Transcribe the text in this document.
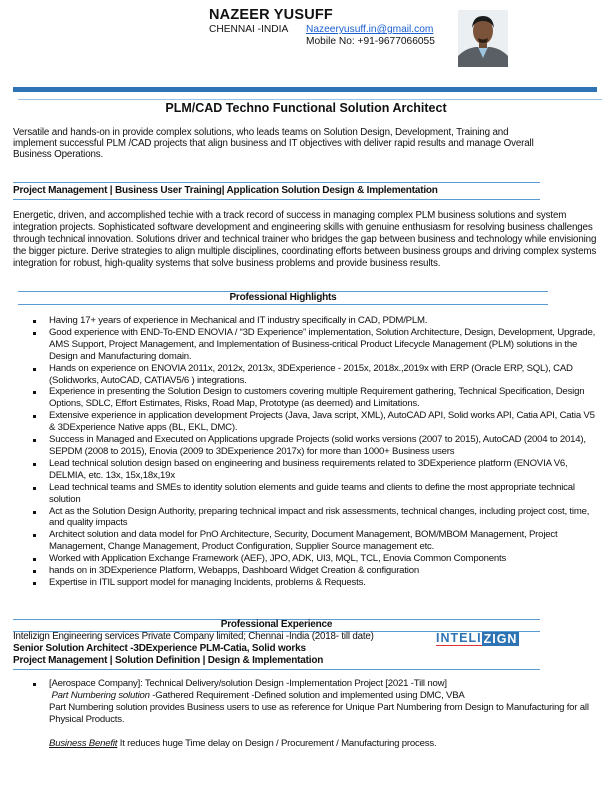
NAZEER YUSUFF
CHENNAI -INDIA Nazeeryusuff.in@gmail.com
Mobile No: +91-9677066055
PLM/CAD Techno Functional Solution Architect
Versatile and hands-on in provide complex solutions, who leads teams on Solution Design, Development, Training and implement successful PLM /CAD projects that align business and IT objectives with deliver rapid results and manage Overall Business Operations.
Project Management | Business User Training| Application Solution Design & Implementation
Energetic, driven, and accomplished techie with a track record of success in managing complex PLM business solutions and system integration projects. Sophisticated software development and engineering skills with genuine enthusiasm for resolving business challenges through technical innovation. Solutions driver and technical trainer who bridges the gap between business and technology while envisioning the bigger picture. Derive strategies to align multiple disciplines, coordinating efforts between business groups and driving complex systems integration for robust, high-quality systems that solve business problems and provide business results.
Professional Highlights
Having 17+ years of experience in Mechanical and IT industry specifically in CAD, PDM/PLM.
Good experience with END-To-END ENOVIA / “3D Experience” implementation, Solution Architecture, Design, Development, Upgrade, AMS Support, Project Management, and Implementation of Business-critical Product Lifecycle Management (PLM) solutions in the Design and Manufacturing domain.
Hands on experience on ENOVIA 2011x, 2012x, 2013x, 3DExperience - 2015x, 2018x.,2019x with ERP (Oracle ERP, SQL), CAD (Solidworks, AutoCAD, CATIAV5/6 ) integrations.
Experience in presenting the Solution Design to customers covering multiple Requirement gathering, Technical Specification, Design Options, SDLC, Effort Estimates, Risks, Road Map, Prototype (as deemed) and Limitations.
Extensive experience in application development Projects (Java, Java script, XML), AutoCAD API, Solid works API, Catia API, Catia V5 & 3DExperience Native apps (BL, EKL, DMC).
Success in Managed and Executed on Applications upgrade Projects (solid works versions (2007 to 2015), AutoCAD (2004 to 2014), SEPDM (2008 to 2015), Enovia (2009 to 3DExperience 2017x) for more than 1000+ Business users
Lead technical solution design based on engineering and business requirements related to 3DExperience platform (ENOVIA V6, DELMIA, etc. 13x, 15x,18x,19x
Lead technical teams and SMEs to identity solution elements and guide teams and clients to define the most appropriate technical solution
Act as the Solution Design Authority, preparing technical impact and risk assessments, technical changes, including project cost, time, and quality impacts
Architect solution and data model for PnO Architecture, Security, Document Management, BOM/MBOM Management, Project Management, Change Management, Product Configuration, Supplier Source management etc.
Worked with Application Exchange Framework (AEF), JPO, ADK, UI3, MQL, TCL, Enovia Common Components
hands on in 3DExperience Platform, Webapps, Dashboard Widget Creation & configuration
Expertise in ITIL support model for managing Incidents, problems & Requests.
Professional Experience
Intelizign Engineering services Private Company limited; Chennai -India (2018- till date)
Senior Solution Architect -3DExperience PLM-Catia, Solid works
Project Management | Solution Definition | Design & Implementation
INTELI ZIGN
[Aerospace Company]: Technical Delivery/solution Design -Implementation Project [2021 -Till now]
Part Numbering solution -Gathered Requirement -Defined solution and implemented using DMC, VBA
Part Numbering solution provides Business users to use as reference for Unique Part Numbering from Design to Manufacturing for all Physical Products.
Business Benefit It reduces huge Time delay on Design / Procurement / Manufacturing process.
